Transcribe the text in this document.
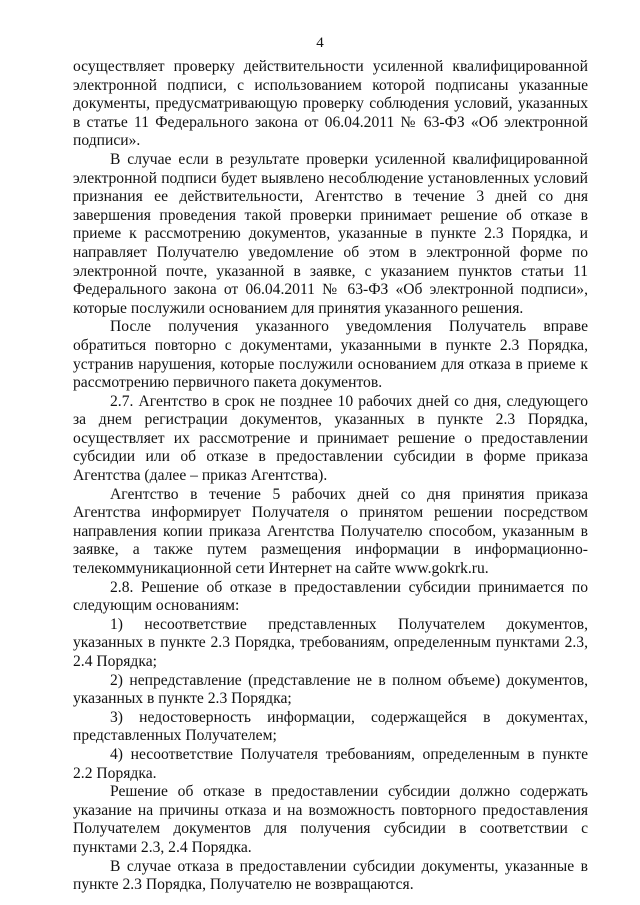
4

осуществляет проверку действительности усиленной квалифицированной электронной подписи, с использованием которой подписаны указанные документы, предусматривающую проверку соблюдения условий, указанных в статье 11 Федерального закона от 06.04.2011 № 63-ФЗ «Об электронной подписи».

В случае если в результате проверки усиленной квалифицированной электронной подписи будет выявлено несоблюдение установленных условий признания ее действительности, Агентство в течение 3 дней со дня завершения проведения такой проверки принимает решение об отказе в приеме к рассмотрению документов, указанные в пункте 2.3 Порядка, и направляет Получателю уведомление об этом в электронной форме по электронной почте, указанной в заявке, с указанием пунктов статьи 11 Федерального закона от 06.04.2011 № 63-ФЗ «Об электронной подписи», которые послужили основанием для принятия указанного решения.

После получения указанного уведомления Получатель вправе обратиться повторно с документами, указанными в пункте 2.3 Порядка, устранив нарушения, которые послужили основанием для отказа в приеме к рассмотрению первичного пакета документов.

2.7. Агентство в срок не позднее 10 рабочих дней со дня, следующего за днем регистрации документов, указанных в пункте 2.3 Порядка, осуществляет их рассмотрение и принимает решение о предоставлении субсидии или об отказе в предоставлении субсидии в форме приказа Агентства (далее – приказ Агентства).

Агентство в течение 5 рабочих дней со дня принятия приказа Агентства информирует Получателя о принятом решении посредством направления копии приказа Агентства Получателю способом, указанным в заявке, а также путем размещения информации в информационно-телекоммуникационной сети Интернет на сайте www.gokrk.ru.

2.8. Решение об отказе в предоставлении субсидии принимается по следующим основаниям:

1) несоответствие представленных Получателем документов, указанных в пункте 2.3 Порядка, требованиям, определенным пунктами 2.3, 2.4 Порядка;

2) непредставление (представление не в полном объеме) документов, указанных в пункте 2.3 Порядка;

3) недостоверность информации, содержащейся в документах, представленных Получателем;

4) несоответствие Получателя требованиям, определенным в пункте 2.2 Порядка.

Решение об отказе в предоставлении субсидии должно содержать указание на причины отказа и на возможность повторного предоставления Получателем документов для получения субсидии в соответствии с пунктами 2.3, 2.4 Порядка.

В случае отказа в предоставлении субсидии документы, указанные в пункте 2.3 Порядка, Получателю не возвращаются.
